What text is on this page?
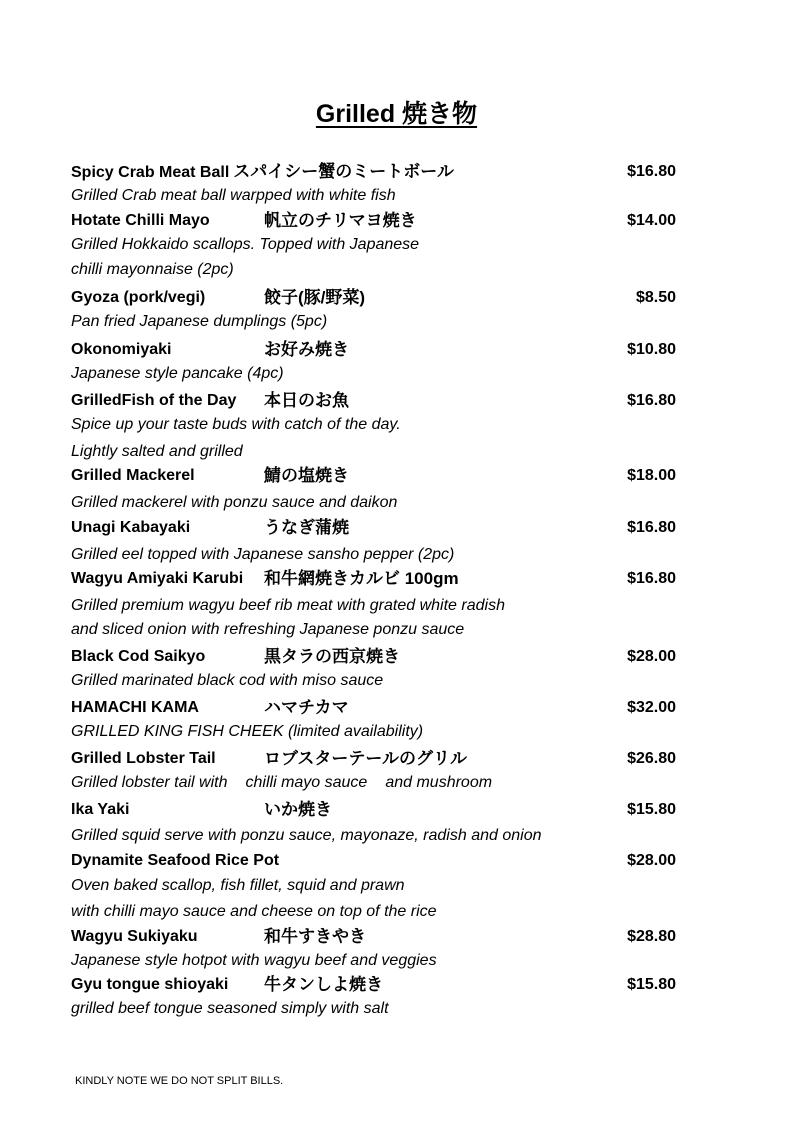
Grilled 焼き物
Spicy Crab Meat Ball スパイシー蟹のミートボール	$16.80
Grilled Crab meat ball warpped with white fish
Hotate Chilli Mayo	帆立のチリマヨ焼き	$14.00
Grilled Hokkaido scallops. Topped with Japanese
chilli mayonnaise (2pc)
Gyoza (pork/vegi)	餃子(豚/野菜)	$8.50
Pan fried Japanese dumplings (5pc)
Okonomiyaki	お好み焼き	$10.80
Japanese style pancake (4pc)
GrilledFish of the Day 本日のお魚	$16.80
Spice up your taste buds with catch of the day.
Lightly salted and grilled
Grilled Mackerel	鯖の塩焼き	$18.00
Grilled mackerel with ponzu sauce and daikon
Unagi Kabayaki	うなぎ蒲焼	$16.80
Grilled eel topped with Japanese sansho pepper (2pc)
Wagyu Amiyaki Karubi 和牛網焼きカルビ 100gm	$16.80
Grilled premium wagyu beef rib meat with grated white radish
and sliced onion with refreshing Japanese ponzu sauce
Black Cod Saikyo	黒タラの西京焼き	$28.00
Grilled marinated black cod with miso sauce
HAMACHI KAMA	ハマチカマ	$32.00
GRILLED KING FISH CHEEK (limited availability)
Grilled Lobster Tail	ロブスターテールのグリル	$26.80
Grilled lobster tail with chilli mayo sauce and mushroom
Ika Yaki	いか焼き	$15.80
Grilled squid serve with ponzu sauce, mayonaze, radish and onion
Dynamite Seafood Rice Pot	$28.00
Oven baked scallop, fish fillet, squid and prawn
with chilli mayo sauce and cheese on top of the rice
Wagyu Sukiyaku	和牛すきやき	$28.80
Japanese style hotpot with wagyu beef and veggies
Gyu tongue shioyaki 牛タンしよ焼き	$15.80
grilled beef tongue seasoned simply with salt
KINDLY NOTE WE DO NOT SPLIT BILLS.
